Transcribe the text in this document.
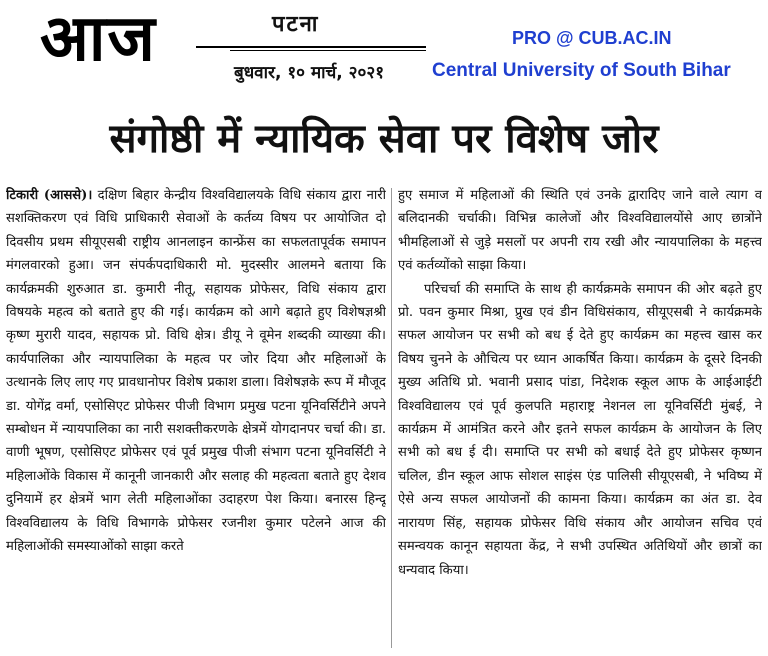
आज	पटना
बुधवार, १० मार्च, २०२१
PRO @ CUB.AC.IN
Central University of South Bihar
संगोष्ठी में न्यायिक सेवा पर विशेष जोर

टिकारी (आससे)। दक्षिण बिहार केन्द्रीय विश्वविद्यालयके विधि संकाय द्वारा नारी सशक्तिकरण एवं विधि प्राधिकारी सेवाओं के कर्तव्य विषय पर आयोजित दो दिवसीय प्रथम सीयूएसबी राष्ट्रीय आनलाइन कान्फ्रेंस का सफलतापूर्वक समापन मंगलवारको हुआ। जन संपर्कपदाधिकारी मो. मुदस्सीर आलमने बताया कि कार्यक्रमकी शुरुआत डा. कुमारी नीतू, सहायक प्रोफेसर, विधि संकाय द्वारा विषयके महत्व को बताते हुए की गई। कार्यक्रम को आगे बढ़ाते हुए विशेषज्ञश्री कृष्ण मुरारी यादव, सहायक प्रो. विधि क्षेत्र। डीयू ने वूमेन शब्दकी व्याख्या की। कार्यपालिका और न्यायपालिका के महत्व पर जोर दिया और महिलाओं के उत्थानके लिए लाए गए प्रावधानोपर विशेष प्रकाश डाला। विशेषज्ञके रूप में मौजूद डा. योगेंद्र वर्मा, एसोसिएट प्रोफेसर पीजी विभाग प्रमुख पटना यूनिवर्सिटीने अपने सम्बोधन में न्यायपालिका का नारी सशक्तीकरणके क्षेत्रमें योगदानपर चर्चा की। डा. वाणी भूषण, एसोसिएट प्रोफेसर एवं पूर्व प्रमुख पीजी संभाग पटना यूनिवर्सिटी ने महिलाओंके विकास में कानूनी जानकारी और सलाह की महत्वता बताते हुए देशव दुनियामें हर क्षेत्रमें भाग लेती महिलाओंका उदाहरण पेश किया। बनारस हिन्दू विश्वविद्यालय के विधि विभागके प्रोफेसर रजनीश कुमार पटेलने आज की महिलाओंकी समस्याओंको साझा करते

हुए समाज में महिलाओं की स्थिति एवं उनके द्वारादिए जाने वाले त्याग व बलिदानकी चर्चाकी। विभिन्न कालेजों और विश्वविद्यालयोंसे आए छात्रोंने भीमहिलाओं से जुड़े मसलों पर अपनी राय रखी और न्यायपालिका के महत्त्व एवं कर्तव्योंको साझा किया।

परिचर्चा की समाप्ति के साथ ही कार्यक्रमके समापन की ओर बढ़ते हुए प्रो. पवन कुमार मिश्रा, प्रुख एवं डीन विधिसंकाय, सीयूएसबी ने कार्यक्रमके सफल आयोजन पर सभी को बध ई देते हुए कार्यक्रम का महत्त्व खास कर विषय चुनने के औचित्य पर ध्यान आकर्षित किया। कार्यक्रम के दूसरे दिनकी मुख्य अतिथि प्रो. भवानी प्रसाद पांडा, निदेशक स्कूल आफ के आईआईटी विश्वविद्यालय एवं पूर्व कुलपति महाराष्ट्र नेशनल ला यूनिवर्सिटी मुंबई, ने कार्यक्रम में आमंत्रित करने और इतने सफल कार्यक्रम के आयोजन के लिए सभी को बध ई दी। समाप्ति पर सभी को बधाई देते हुए प्रोफेसर कृष्णन चलिल, डीन स्कूल आफ सोशल साइंस एंड पालिसी सीयूएसबी, ने भविष्य में ऐसे अन्य सफल आयोजनों की कामना किया। कार्यक्रम का अंत डा. देव नारायण सिंह, सहायक प्रोफेसर विधि संकाय और आयोजन सचिव एवं समन्वयक कानून सहायता केंद्र, ने सभी उपस्थित अतिथियों और छात्रों का धन्यवाद किया।
